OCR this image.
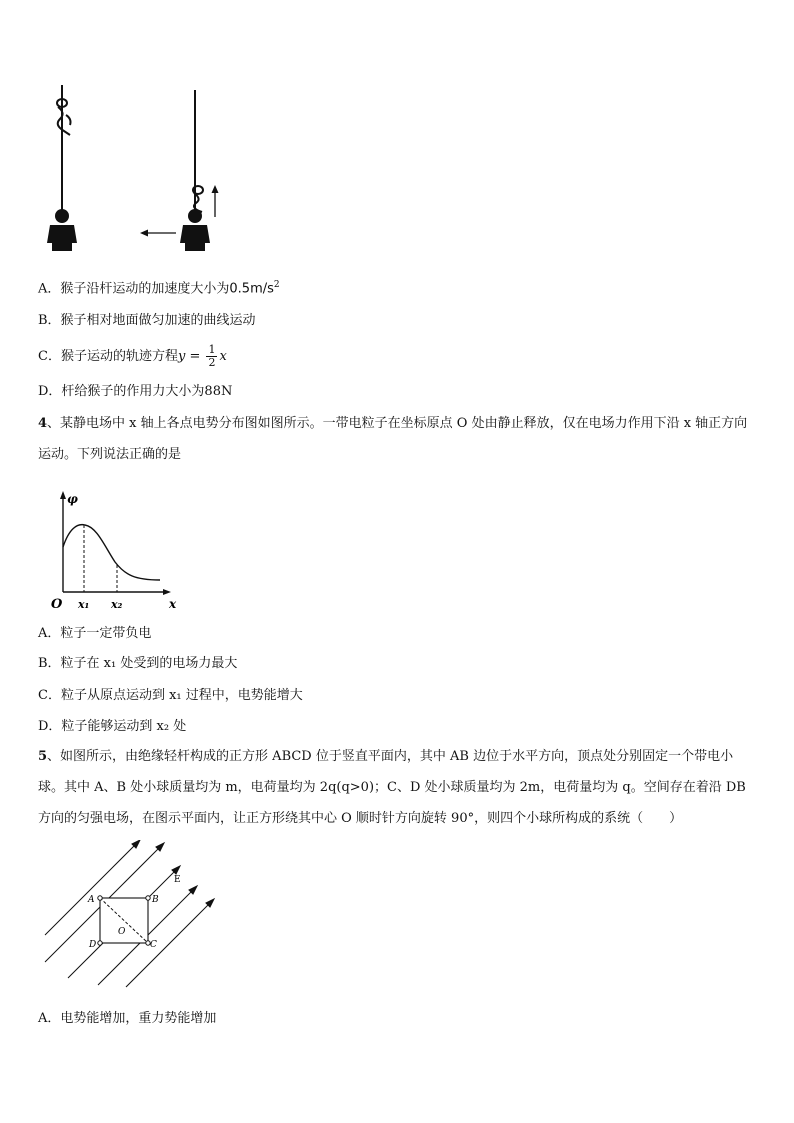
A．猴子沿杆运动的加速度大小为$0.5m/s^2$
B．猴子相对地面做匀加速的曲线运动
C．猴子运动的轨迹方程$y = \frac{1}{2}$ x
D．杆给猴子的作用力大小为88N
4、某静电场中 x 轴上各点电势分布图如图所示。一带电粒子在坐标原点 O 处由静止释放，仅在电场力作用下沿 x 轴正方向运动。下列说法正确的是
φ
O x₁ x₂	x
A．粒子一定带负电
B．粒子在 x₁ 处受到的电场力最大
C．粒子从原点运动到 x₁ 过程中，电势能增大
D．粒子能够运动到 x₂ 处
5、如图所示，由绝缘轻杆构成的正方形 ABCD 位于竖直平面内，其中 AB 边位于水平方向，顶点处分别固定一个带电小球。其中 A、B 处小球质量均为 m，电荷量均为 2q(q>0)；C、D 处小球质量均为 2m，电荷量均为 q。空间存在着沿 DB 方向的匀强电场，在图示平面内，让正方形绕其中心 O 顺时针方向旋转 90°，则四个小球所构成的系统（　　）
A	B
C
D
O
E
A．电势能增加，重力势能增加
